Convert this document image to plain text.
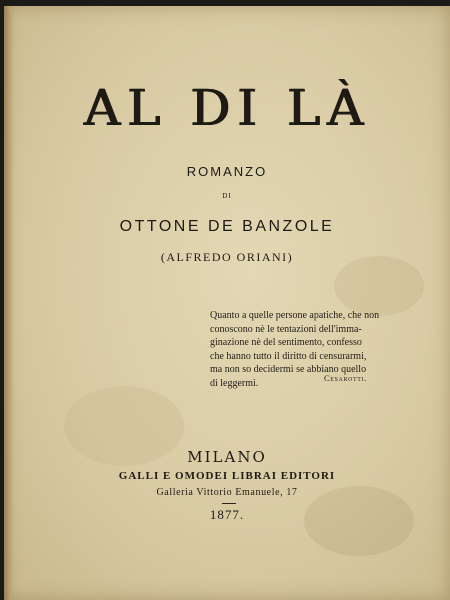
AL DI LÀ
ROMANZO
DI
OTTONE DE BANZOLE
(ALFREDO ORIANI)
Quanto a quelle persone apatiche, che non
conoscono nè le tentazioni dell'imma-
ginazione nè del sentimento, confesso
che hanno tutto il diritto di censurarmi,
ma non so decidermi se abbiano quello
di leggermi.	Cesarotti.
MILANO
GALLI E OMODEI LIBRAI EDITORI
Galleria Vittorio Emanuele, 17
1877.
